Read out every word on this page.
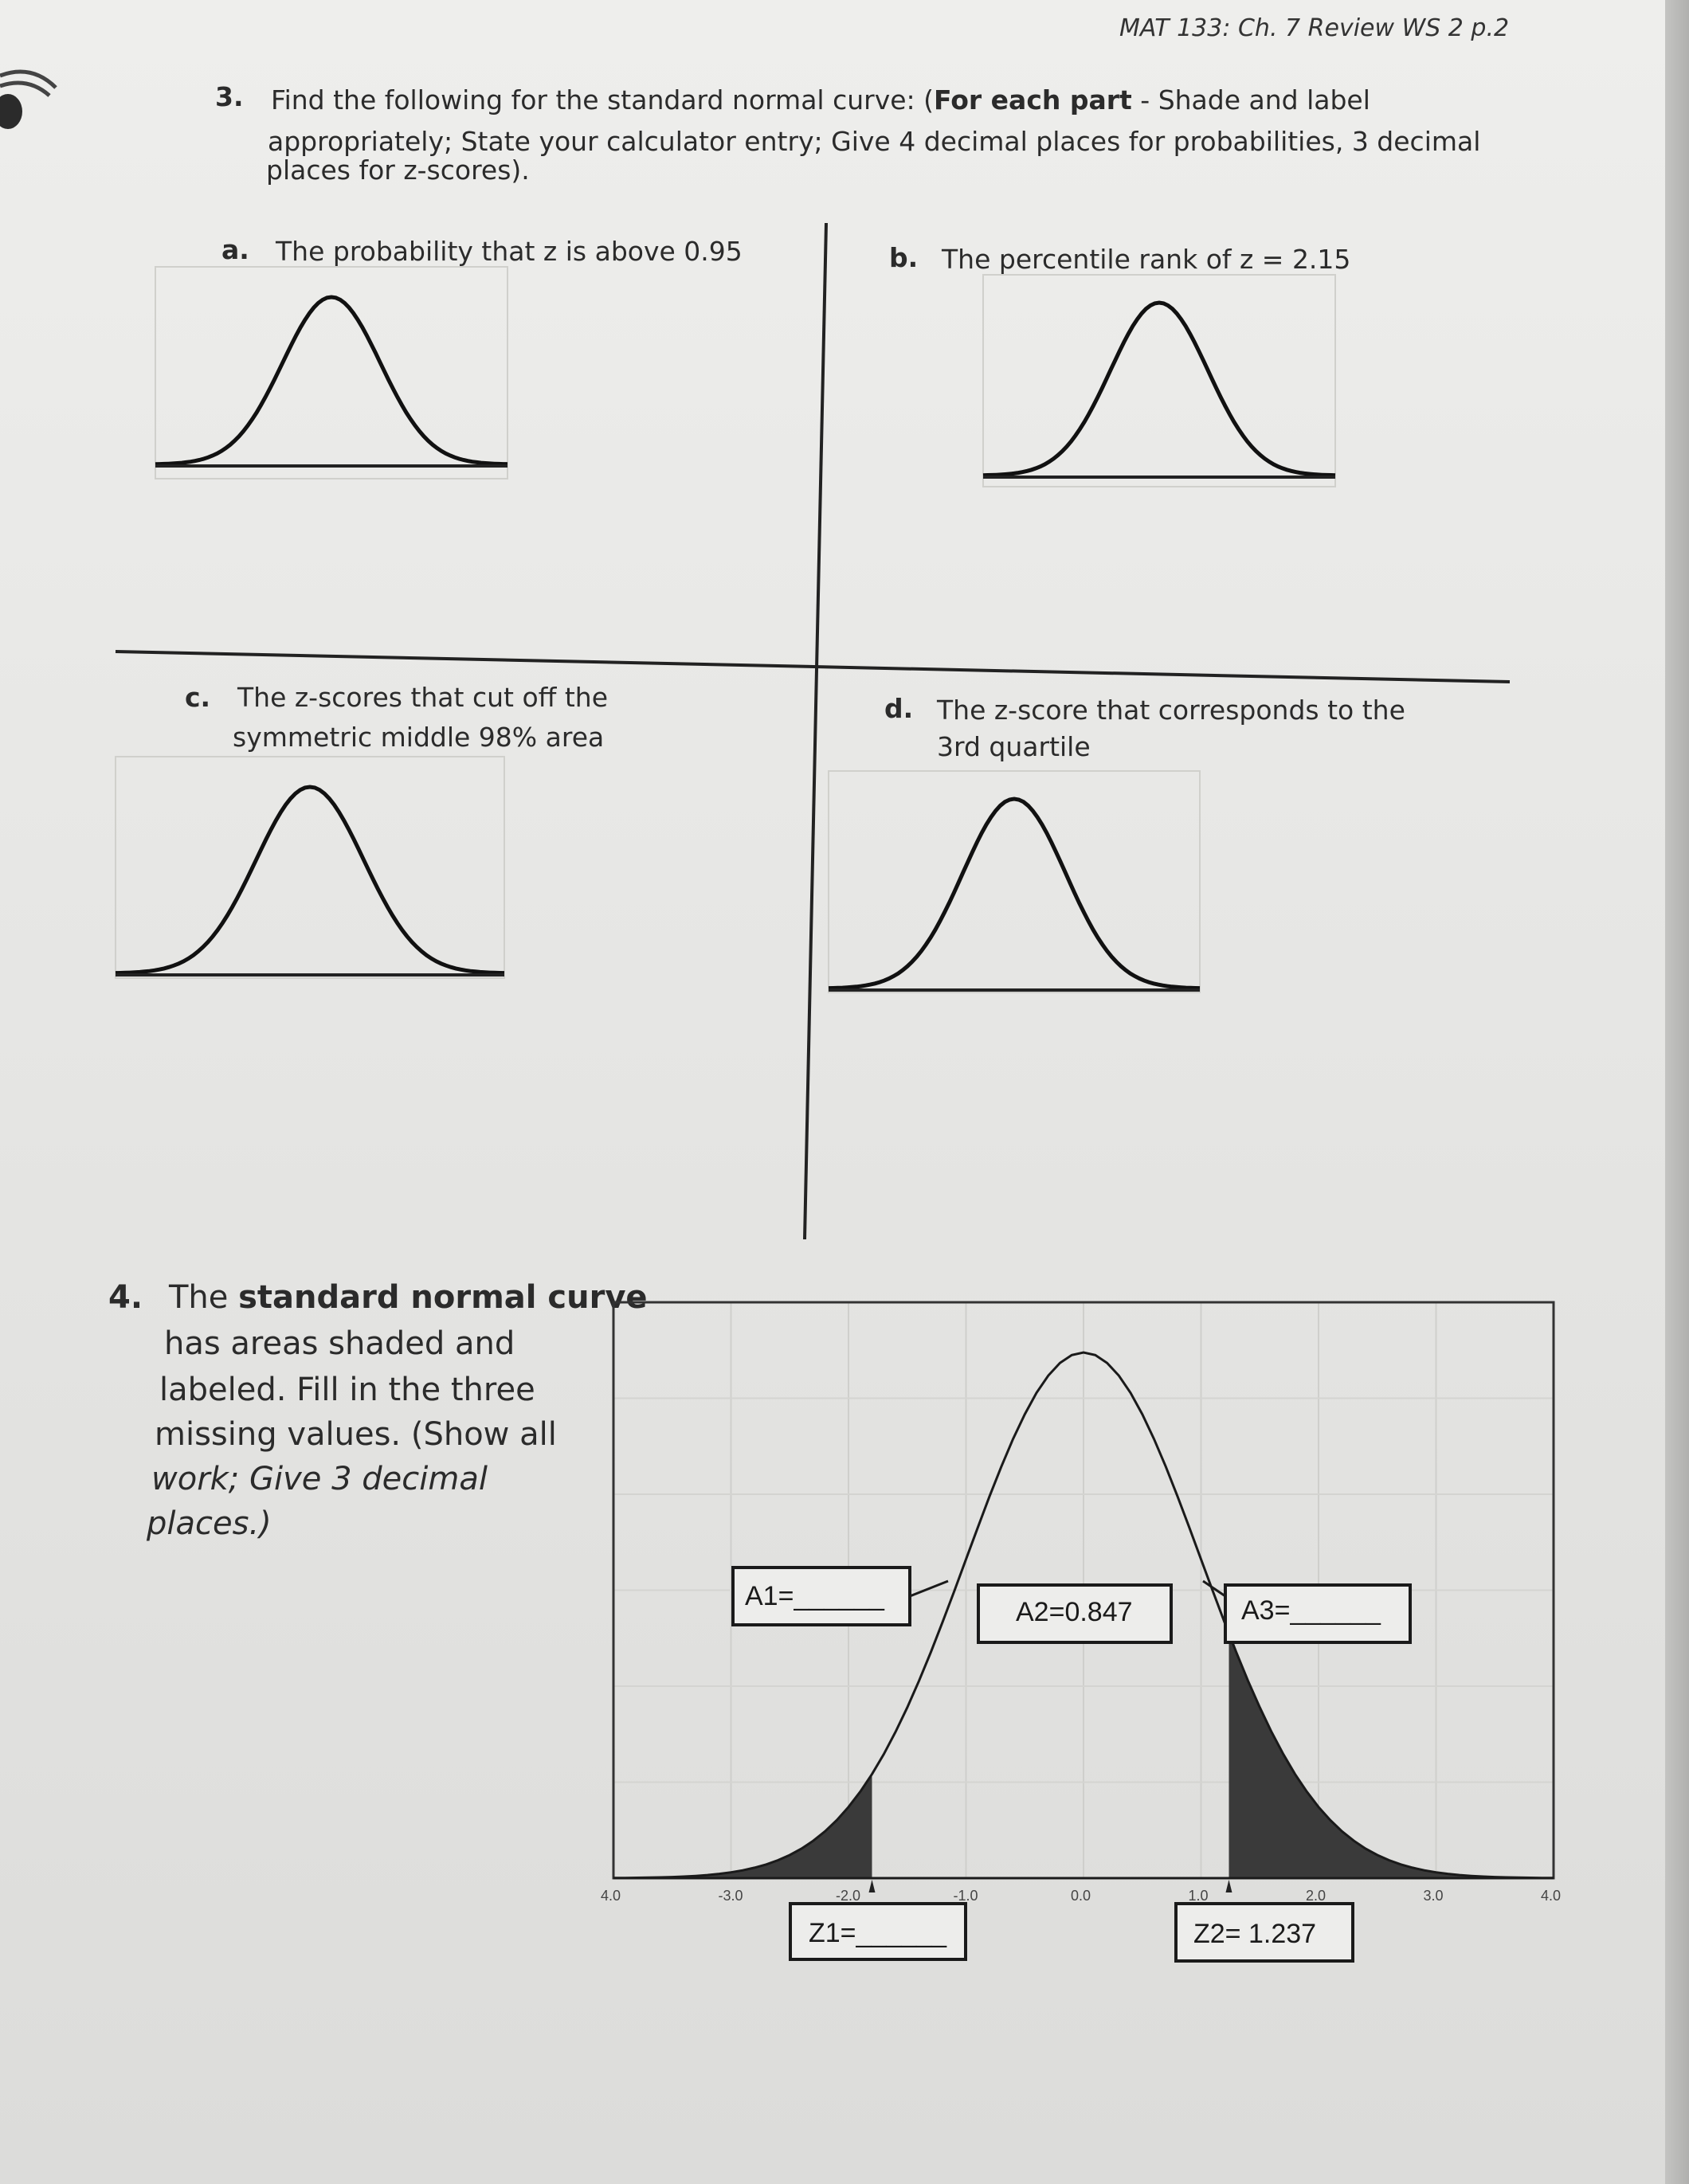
MAT 133: Ch. 7 Review WS 2 p.2
3. Find the following for the standard normal curve: (For each part - Shade and label
appropriately; State your calculator entry; Give 4 decimal places for probabilities, 3 decimal
places for z-scores).
a. The probability that z is above 0.95	b. The percentile rank of z = 2.15
c. The z-scores that cut off the
symmetric middle 98% area
d. The z-score that corresponds to the
3rd quartile
4. The standard normal curve
has areas shaded and
labeled. Fill in the three
missing values. (Show all
work; Give 3 decimal
places.)
A1=______
A2=0.847	A3=______
Z1=______	Z2= 1.237
4.0	-3.0	-2.0	-1.0	0.0	1.0	2.0	3.0	4.0
